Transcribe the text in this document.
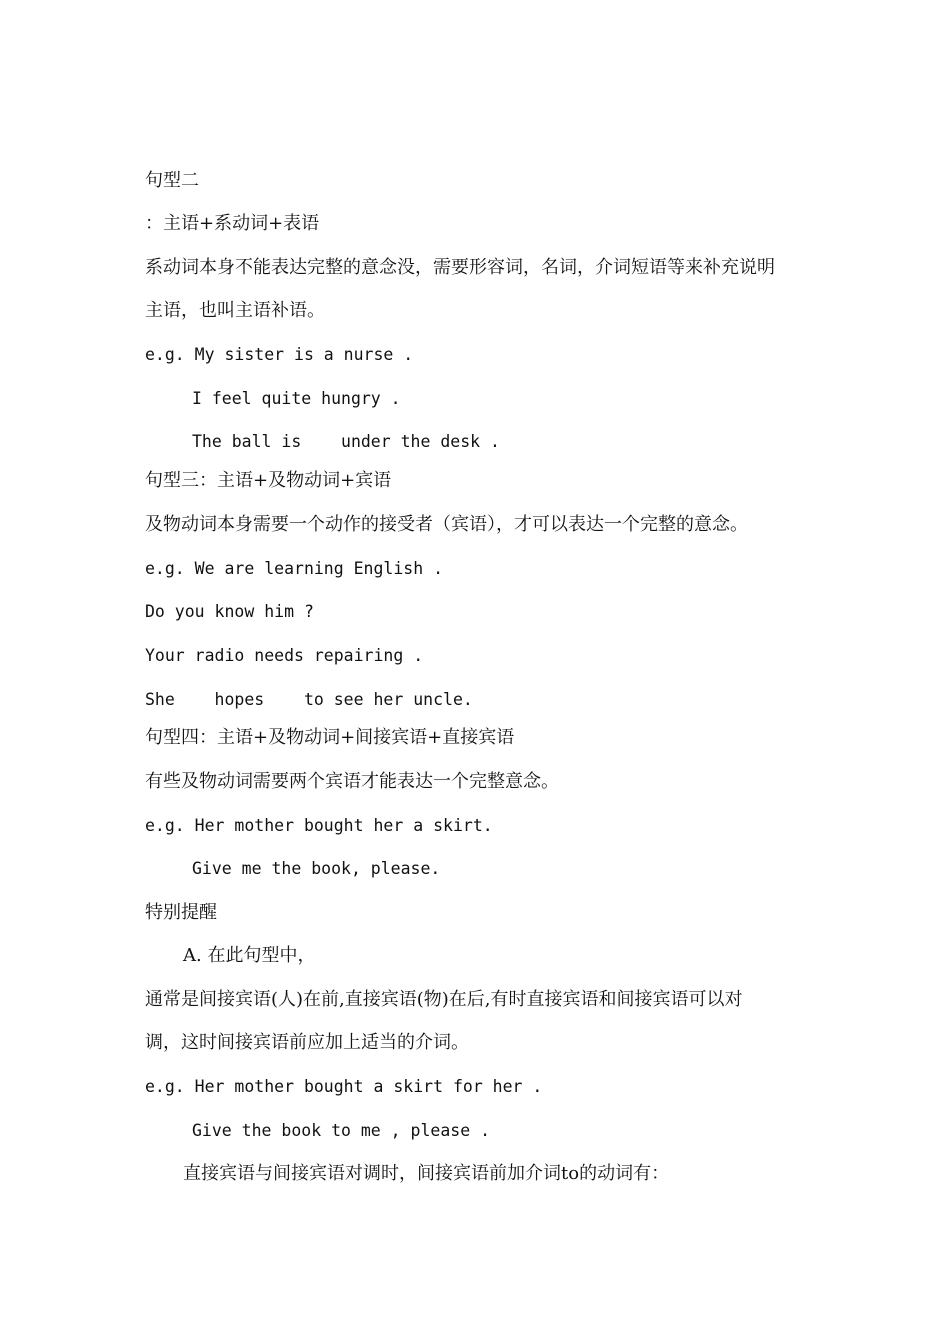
句型二
：主语+系动词+表语
系动词本身不能表达完整的意念没，需要形容词，名词，介词短语等来补充说明
主语，也叫主语补语。
e.g. My sister is a nurse .
I feel quite hungry .
The ball is    under the desk .
句型三：主语+及物动词+宾语
及物动词本身需要一个动作的接受者（宾语），才可以表达一个完整的意念。
e.g. We are learning English .
Do you know him ?
Your radio needs repairing .
She    hopes    to see her uncle.
句型四：主语+及物动词+间接宾语+直接宾语
有些及物动词需要两个宾语才能表达一个完整意念。
e.g. Her mother bought her a skirt.
Give me the book, please.
特别提醒
A. 在此句型中，
通常是间接宾语(人)在前,直接宾语(物)在后,有时直接宾语和间接宾语可以对
调，这时间接宾语前应加上适当的介词。
e.g. Her mother bought a skirt for her .
Give the book to me , please .
直接宾语与间接宾语对调时，间接宾语前加介词to的动词有：
